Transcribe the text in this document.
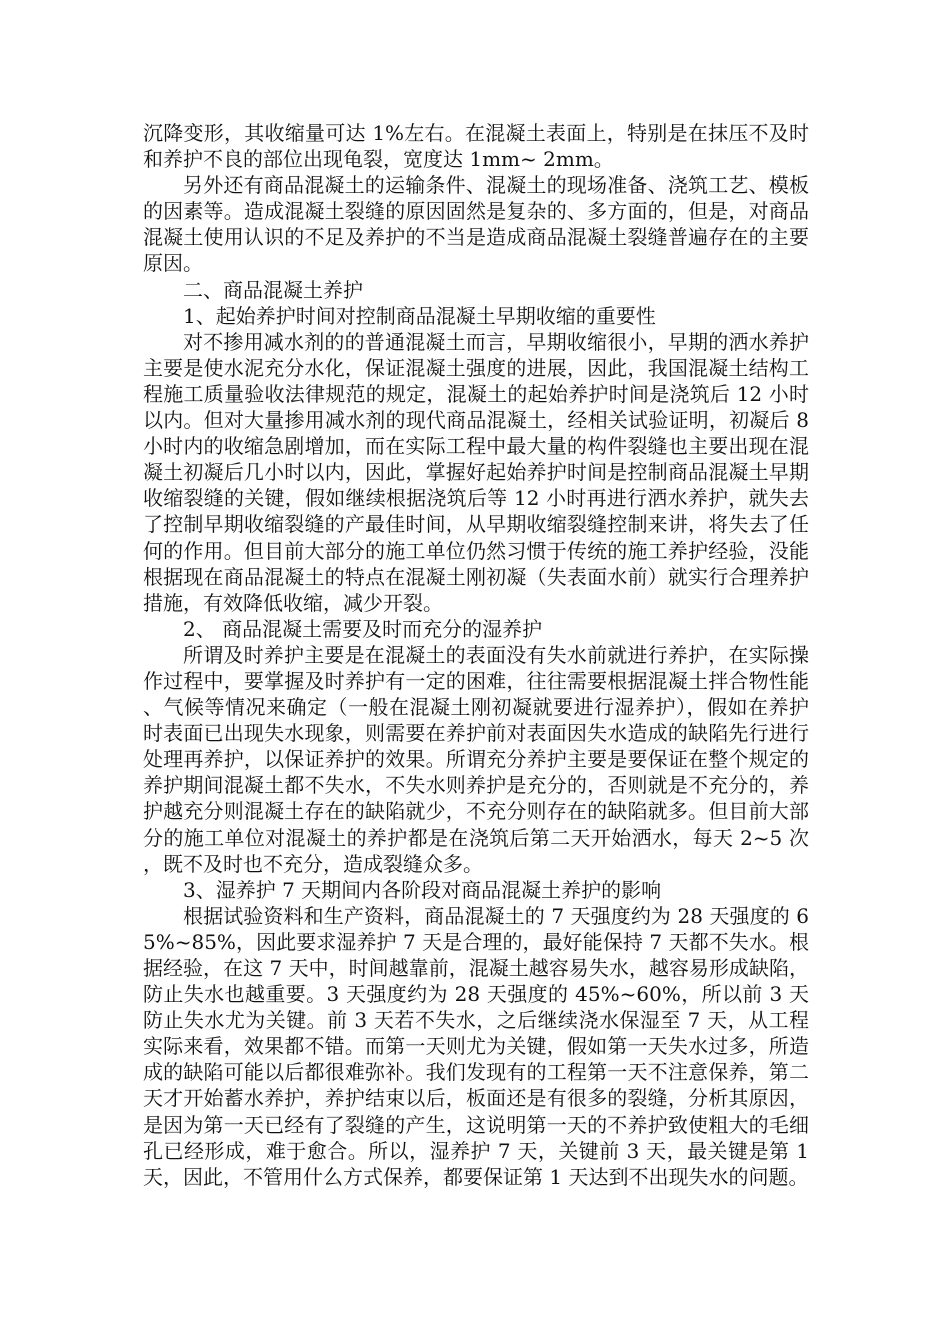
沉降变形，其收缩量可达 1%左右。在混凝土表面上，特别是在抹压不及时和养护不良的部位出现龟裂，宽度达 1mm~ 2mm。

另外还有商品混凝土的运输条件、混凝土的现场准备、浇筑工艺、模板的因素等。造成混凝土裂缝的原因固然是复杂的、多方面的，但是，对商品混凝土使用认识的不足及养护的不当是造成商品混凝土裂缝普遍存在的主要原因。

二、商品混凝土养护

1、起始养护时间对控制商品混凝土早期收缩的重要性

对不掺用减水剂的的普通混凝土而言，早期收缩很小，早期的洒水养护主要是使水泥充分水化，保证混凝土强度的进展，因此，我国混凝土结构工程施工质量验收法律规范的规定，混凝土的起始养护时间是浇筑后 12 小时以内。但对大量掺用减水剂的现代商品混凝土，经相关试验证明，初凝后 8 小时内的收缩急剧增加，而在实际工程中最大量的构件裂缝也主要出现在混凝土初凝后几小时以内，因此，掌握好起始养护时间是控制商品混凝土早期收缩裂缝的关键，假如继续根据浇筑后等 12 小时再进行洒水养护，就失去了控制早期收缩裂缝的产最佳时间，从早期收缩裂缝控制来讲，将失去了任何的作用。但目前大部分的施工单位仍然习惯于传统的施工养护经验，没能根据现在商品混凝土的特点在混凝土刚初凝（失表面水前）就实行合理养护措施，有效降低收缩，减少开裂。

2、 商品混凝土需要及时而充分的湿养护

所谓及时养护主要是在混凝土的表面没有失水前就进行养护，在实际操作过程中，要掌握及时养护有一定的困难，往往需要根据混凝土拌合物性能、气候等情况来确定（一般在混凝土刚初凝就要进行湿养护），假如在养护时表面已出现失水现象，则需要在养护前对表面因失水造成的缺陷先行进行处理再养护，以保证养护的效果。所谓充分养护主要是要保证在整个规定的养护期间混凝土都不失水，不失水则养护是充分的，否则就是不充分的，养护越充分则混凝土存在的缺陷就少，不充分则存在的缺陷就多。但目前大部分的施工单位对混凝土的养护都是在浇筑后第二天开始洒水，每天 2~5 次，既不及时也不充分，造成裂缝众多。

3、湿养护 7 天期间内各阶段对商品混凝土养护的影响

根据试验资料和生产资料，商品混凝土的 7 天强度约为 28 天强度的 65%~85%，因此要求湿养护 7 天是合理的，最好能保持 7 天都不失水。根据经验，在这 7 天中，时间越靠前，混凝土越容易失水，越容易形成缺陷，防止失水也越重要。3 天强度约为 28 天强度的 45%~60%，所以前 3 天防止失水尤为关键。前 3 天若不失水，之后继续浇水保湿至 7 天，从工程实际来看，效果都不错。而第一天则尤为关键，假如第一天失水过多，所造成的缺陷可能以后都很难弥补。我们发现有的工程第一天不注意保养，第二天才开始蓄水养护，养护结束以后，板面还是有很多的裂缝，分析其原因，是因为第一天已经有了裂缝的产生，这说明第一天的不养护致使粗大的毛细孔已经形成，难于愈合。所以，湿养护 7 天，关键前 3 天，最关键是第 1 天，因此，不管用什么方式保养，都要保证第 1 天达到不出现失水的问题。
